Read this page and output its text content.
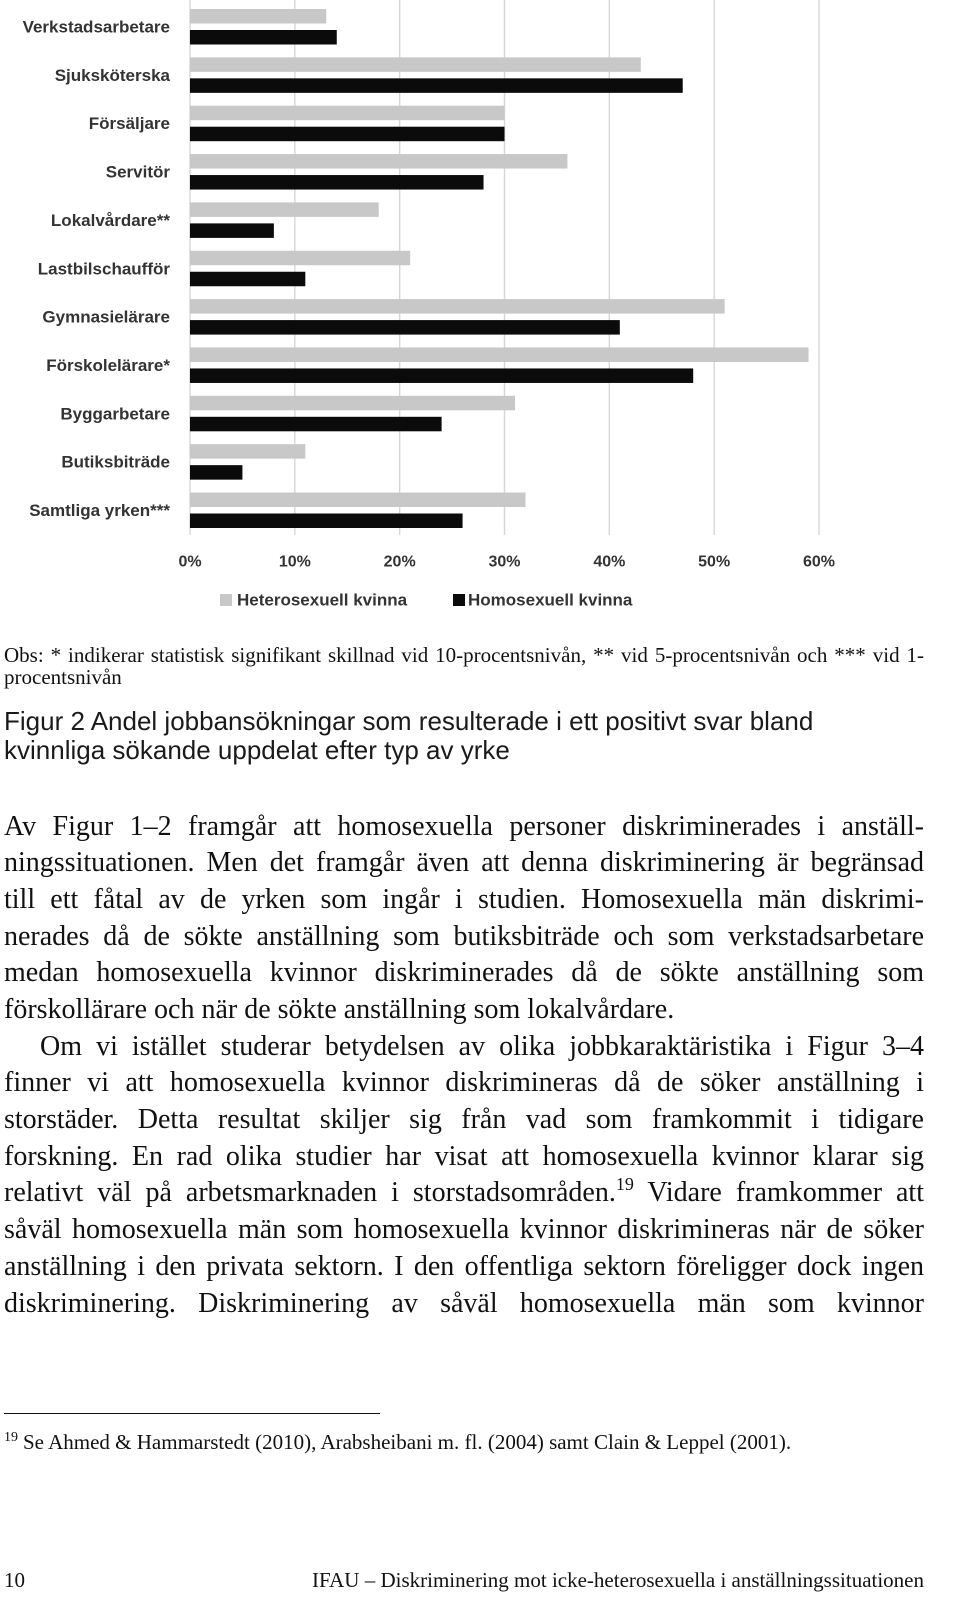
0%	10%	20%	30%	40%	50%	60%
Verkstadsarbetare
Sjuksköterska
Försäljare
Servitör
Lokalvårdare**
Lastbilschaufför
Gymnasielärare
Förskolelärare*
Byggarbetare
Butiksbiträde
Samtliga yrken***
Heterosexuell kvinna	Homosexuell kvinna
Obs: * indikerar statistisk signifikant skillnad vid 10-procentsnivån, ** vid 5-procentsnivån och *** vid 1-
procentsnivån
Figur 2 Andel jobbansökningar som resulterade i ett positivt svar bland
kvinnliga sökande uppdelat efter typ av yrke
Av Figur 1–2 framgår att homosexuella personer diskriminerades i anställ-
ningssituationen. Men det framgår även att denna diskriminering är begränsad
till ett fåtal av de yrken som ingår i studien. Homosexuella män diskrimi-
nerades då de sökte anställning som butiksbiträde och som verkstadsarbetare
medan homosexuella kvinnor diskriminerades då de sökte anställning som
förskollärare och när de sökte anställning som lokalvårdare.
Om vi istället studerar betydelsen av olika jobbkaraktäristika i Figur 3–4
finner vi att homosexuella kvinnor diskrimineras då de söker anställning i
storstäder. Detta resultat skiljer sig från vad som framkommit i tidigare
forskning. En rad olika studier har visat att homosexuella kvinnor klarar sig
relativt väl på arbetsmarknaden i storstadsområden.$^{19}$ Vidare framkommer att
såväl homosexuella män som homosexuella kvinnor diskrimineras när de söker
anställning i den privata sektorn. I den offentliga sektorn föreligger dock ingen
diskriminering. Diskriminering av såväl homosexuella män som kvinnor
$^{19}$ Se Ahmed & Hammarstedt (2010), Arabsheibani m. fl. (2004) samt Clain & Leppel (2001).
10	IFAU – Diskriminering mot icke-heterosexuella i anställningssituationen
